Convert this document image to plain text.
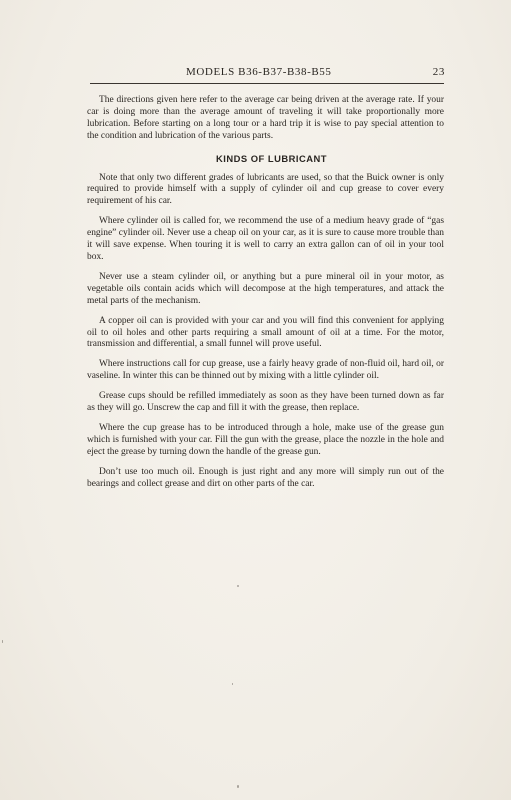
MODELS B36-B37-B38-B55	23

The directions given here refer to the average car being driven at the average rate. If your car is doing more than the average amount of traveling it will take proportionally more lubrication. Before starting on a long tour or a hard trip it is wise to pay special attention to the condition and lubrication of the various parts.

KINDS OF LUBRICANT

Note that only two different grades of lubricants are used, so that the Buick owner is only required to provide himself with a supply of cylinder oil and cup grease to cover every requirement of his car.

Where cylinder oil is called for, we recommend the use of a medium heavy grade of “gas engine” cylinder oil. Never use a cheap oil on your car, as it is sure to cause more trouble than it will save expense. When touring it is well to carry an extra gallon can of oil in your tool box.

Never use a steam cylinder oil, or anything but a pure mineral oil in your motor, as vegetable oils contain acids which will decompose at the high temperatures, and attack the metal parts of the mechanism.

A copper oil can is provided with your car and you will find this convenient for applying oil to oil holes and other parts requiring a small amount of oil at a time. For the motor, transmission and differential, a small funnel will prove useful.

Where instructions call for cup grease, use a fairly heavy grade of non-fluid oil, hard oil, or vaseline. In winter this can be thinned out by mixing with a little cylinder oil.

Grease cups should be refilled immediately as soon as they have been turned down as far as they will go. Unscrew the cap and fill it with the grease, then replace.

Where the cup grease has to be introduced through a hole, make use of the grease gun which is furnished with your car. Fill the gun with the grease, place the nozzle in the hole and eject the grease by turning down the handle of the grease gun.

Don’t use too much oil. Enough is just right and any more will simply run out of the bearings and collect grease and dirt on other parts of the car.
